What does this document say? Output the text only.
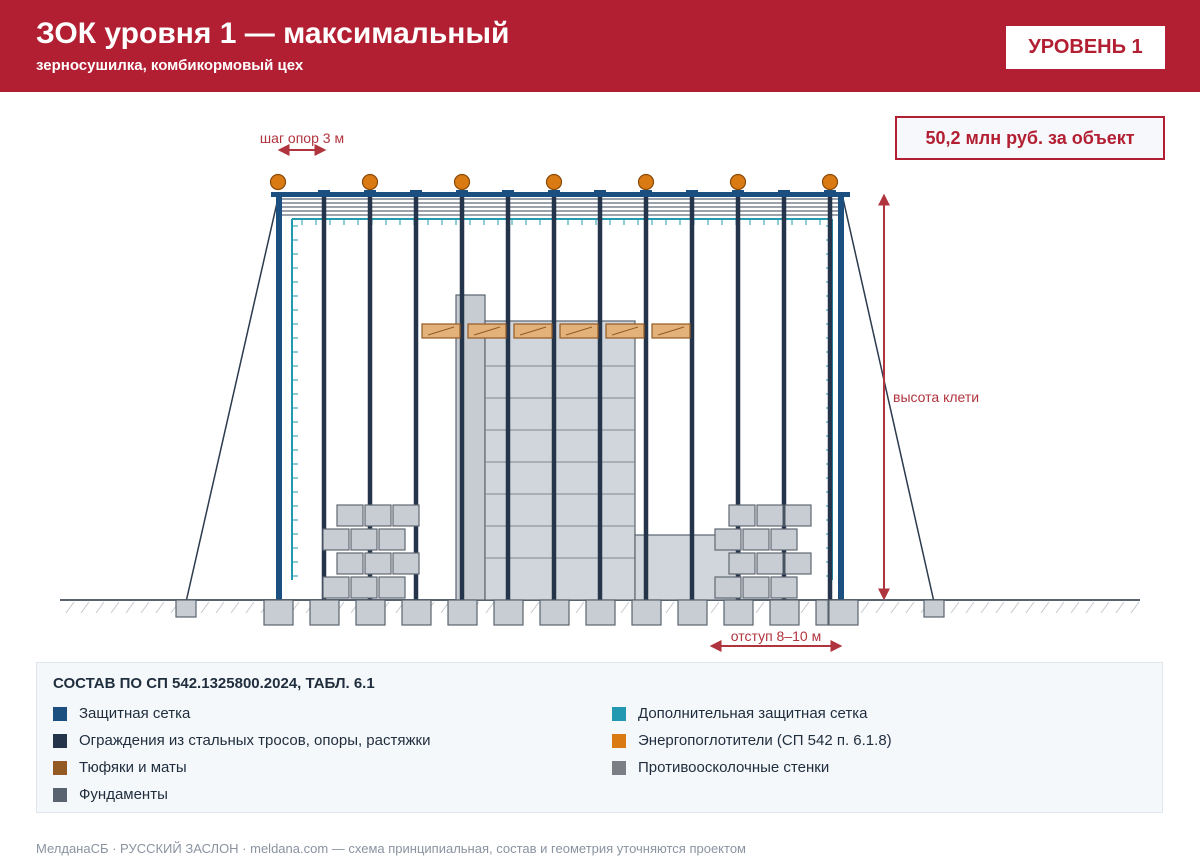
ЗОК уровня 1 — максимальный
зерносушилка, комбикормовый цех
УРОВЕНЬ 1
50,2 млн руб. за объект
шаг опор 3 м
высота клети
отступ 8–10 м
СОСТАВ ПО СП 542.1325800.2024, ТАБЛ. 6.1
Защитная сетка	Дополнительная защитная сетка
Ограждения из стальных тросов, опоры, растяжки	Энергопоглотители (СП 542 п. 6.1.8)
Тюфяки и маты	Противоосколочные стенки
Фундаменты
МелданаСБ · РУССКИЙ ЗАСЛОН · meldana.com — схема принципиальная, состав и геометрия уточняются проектом
